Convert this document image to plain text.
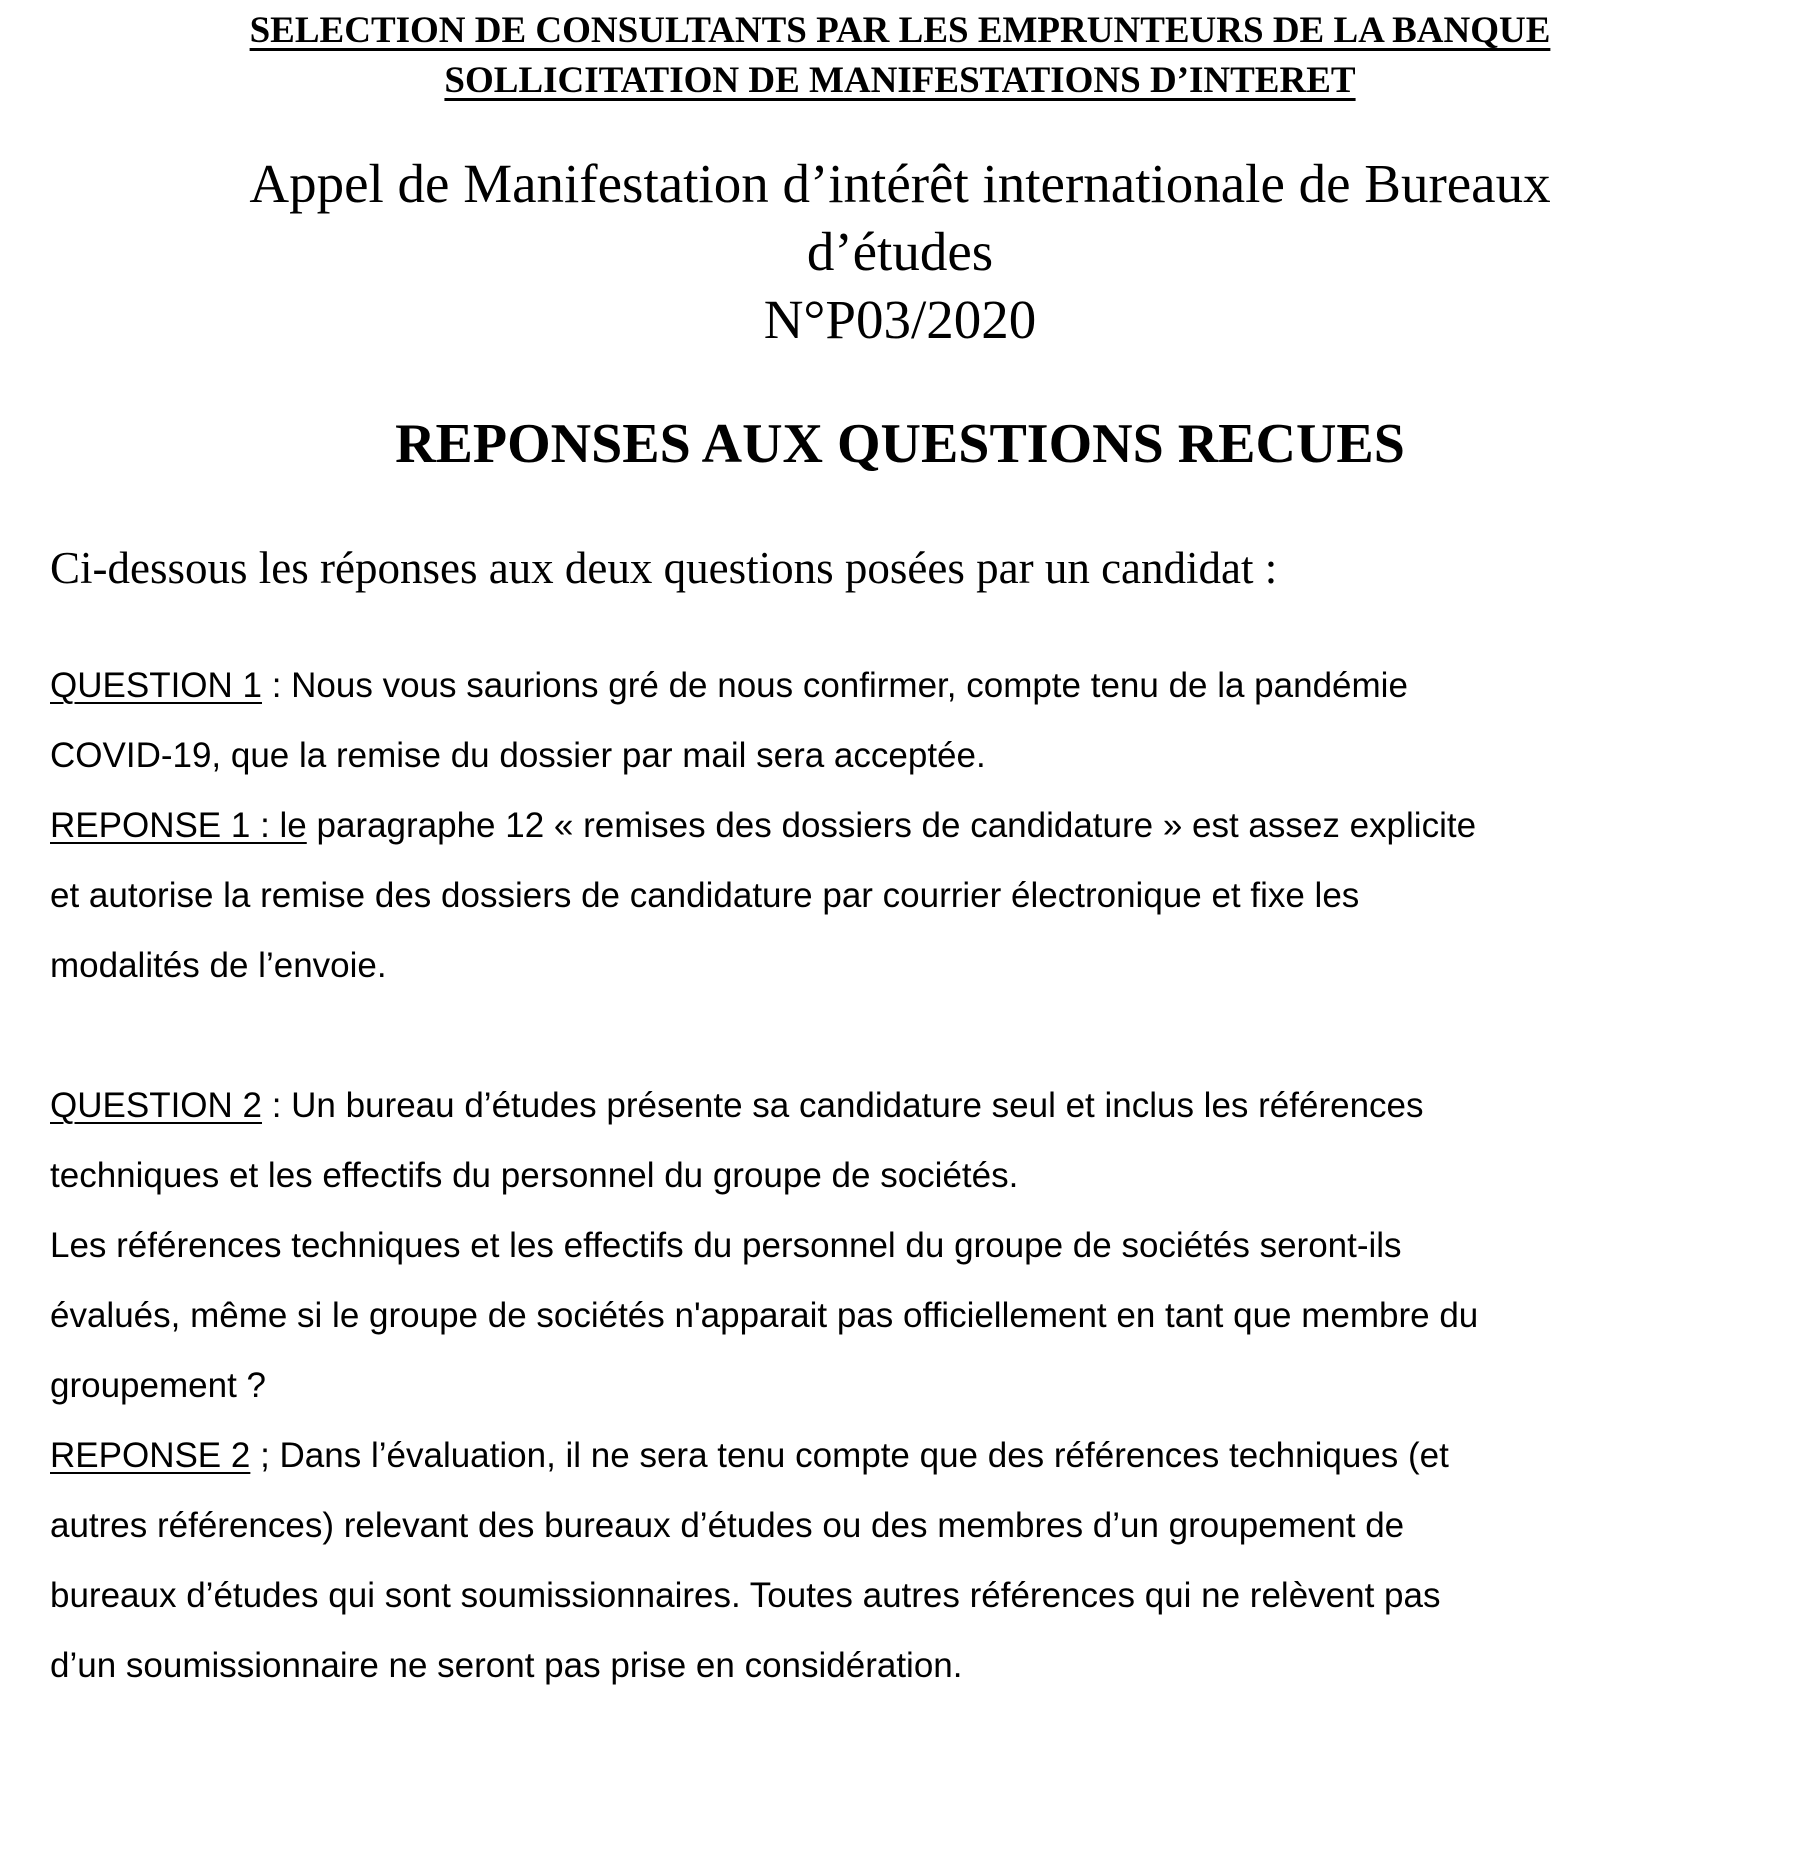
SELECTION DE CONSULTANTS PAR LES EMPRUNTEURS DE LA BANQUE
SOLLICITATION DE MANIFESTATIONS D’INTERET
Appel de Manifestation d’intérêt internationale de Bureaux
d’études
N°P03/2020
REPONSES AUX QUESTIONS RECUES
Ci-dessous les réponses aux deux questions posées par un candidat :
QUESTION 1 : Nous vous saurions gré de nous confirmer, compte tenu de la pandémie
COVID-19, que la remise du dossier par mail sera acceptée.
REPONSE 1 : le paragraphe 12 « remises des dossiers de candidature » est assez explicite
et autorise la remise des dossiers de candidature par courrier électronique et fixe les
modalités de l’envoie.
QUESTION 2 : Un bureau d’études présente sa candidature seul et inclus les références
techniques et les effectifs du personnel du groupe de sociétés.
Les références techniques et les effectifs du personnel du groupe de sociétés seront-ils
évalués, même si le groupe de sociétés n'apparait pas officiellement en tant que membre du
groupement ?
REPONSE 2 ; Dans l’évaluation, il ne sera tenu compte que des références techniques (et
autres références) relevant des bureaux d’études ou des membres d’un groupement de
bureaux d’études qui sont soumissionnaires. Toutes autres références qui ne relèvent pas
d’un soumissionnaire ne seront pas prise en considération.
